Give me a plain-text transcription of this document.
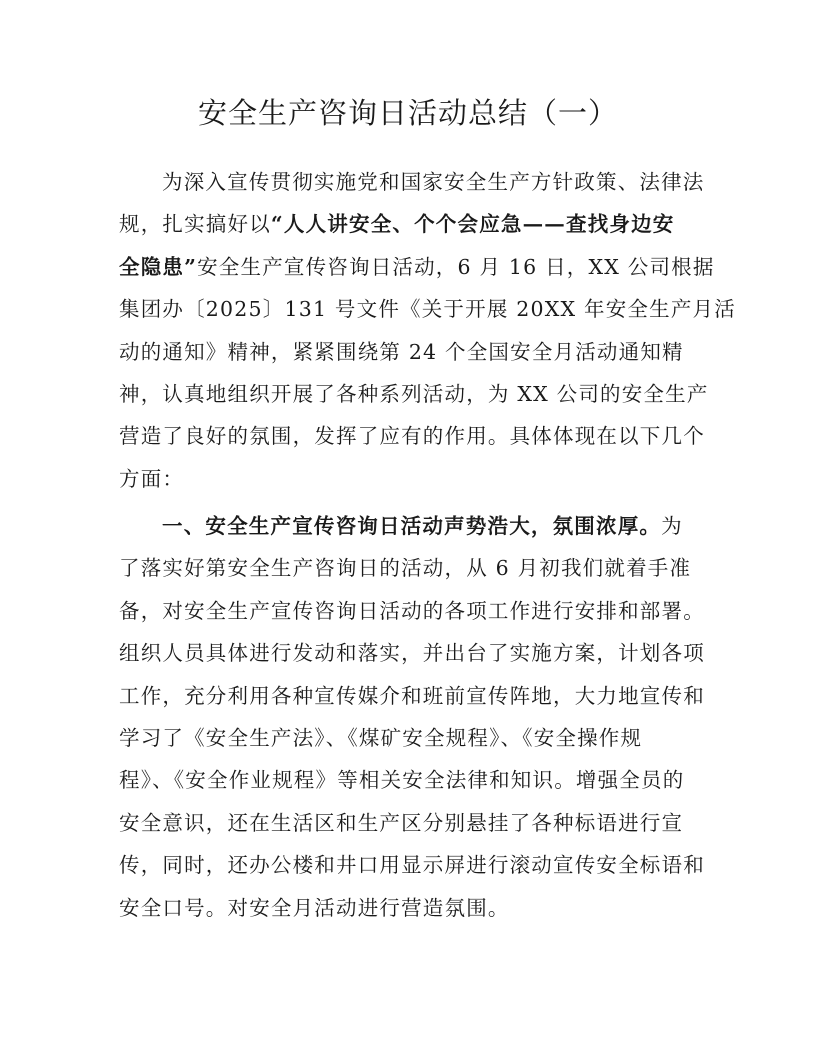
安全生产咨询日活动总结（一）
为深入宣传贯彻实施党和国家安全生产方针政策、法律法
规，扎实搞好以“人人讲安全、个个会应急——查找身边安
全隐患”安全生产宣传咨询日活动，6 月 16 日，XX 公司根据
集团办〔2025〕131 号文件《关于开展 20XX 年安全生产月活
动的通知》精神，紧紧围绕第 24 个全国安全月活动通知精
神，认真地组织开展了各种系列活动，为 XX 公司的安全生产
营造了良好的氛围，发挥了应有的作用。具体体现在以下几个
方面：
一、安全生产宣传咨询日活动声势浩大，氛围浓厚。为
了落实好第安全生产咨询日的活动，从 6 月初我们就着手准
备，对安全生产宣传咨询日活动的各项工作进行安排和部署。
组织人员具体进行发动和落实，并出台了实施方案，计划各项
工作，充分利用各种宣传媒介和班前宣传阵地，大力地宣传和
学习了《安全生产法》、《煤矿安全规程》、《安全操作规
程》、《安全作业规程》等相关安全法律和知识。增强全员的
安全意识，还在生活区和生产区分别悬挂了各种标语进行宣
传，同时，还办公楼和井口用显示屏进行滚动宣传安全标语和
安全口号。对安全月活动进行营造氛围。
